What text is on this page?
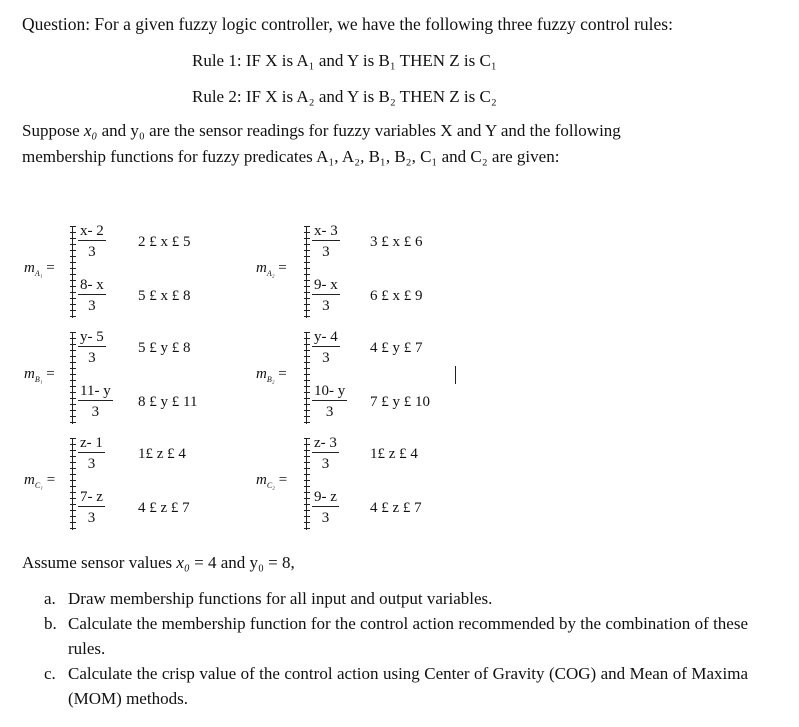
Question: For a given fuzzy logic controller, we have the following three fuzzy control rules:
Rule 1: IF X is A₁ and Y is B₁ THEN Z is C₁
Rule 2: IF X is A₂ and Y is B₂ THEN Z is C₂
Suppose x₀ and y₀ are the sensor readings for fuzzy variables X and Y and the following
membership functions for fuzzy predicates A₁, A₂, B₁, B₂, C₁ and C₂ are given:
$m_{A_1}$ =
$\frac{x- 2}{3} 2$ £ x £ 5
$\frac{8- x}{3} 5$ £ x £ 8
$m_{A_2}$ =
$\frac{x- 3}{3} 3$ £ x £ 6
$\frac{9- x}{3} 6$ £ x £ 9
$m_{B_1}$ =
$\frac{y- 5}{3} 5$ £ y £ 8
$\frac{11- y}{3} 8$ £ y £ 11
$m_{B_2}$ =
$\frac{y- 4}{3} 4$ £ y £ 7
$\frac{10- y}{3} 7$ £ y £ 10
$m_{C_1}$ =
$\frac{z- 1}{3}$ 1£ z £ 4
$\frac{7- z}{3} 4$ £ z £ 7
$m_{C_2}$ =
$\frac{z- 3}{3}$ 1£ z £ 4
$\frac{9- z}{3} 4$ £ z £ 7
Assume sensor values x₀ = 4 and y₀ = 8,
a. Draw membership functions for all input and output variables.
b. Calculate the membership function for the control action recommended by the combination of these rules.
c. Calculate the crisp value of the control action using Center of Gravity (COG) and Mean of Maxima (MOM) methods.
